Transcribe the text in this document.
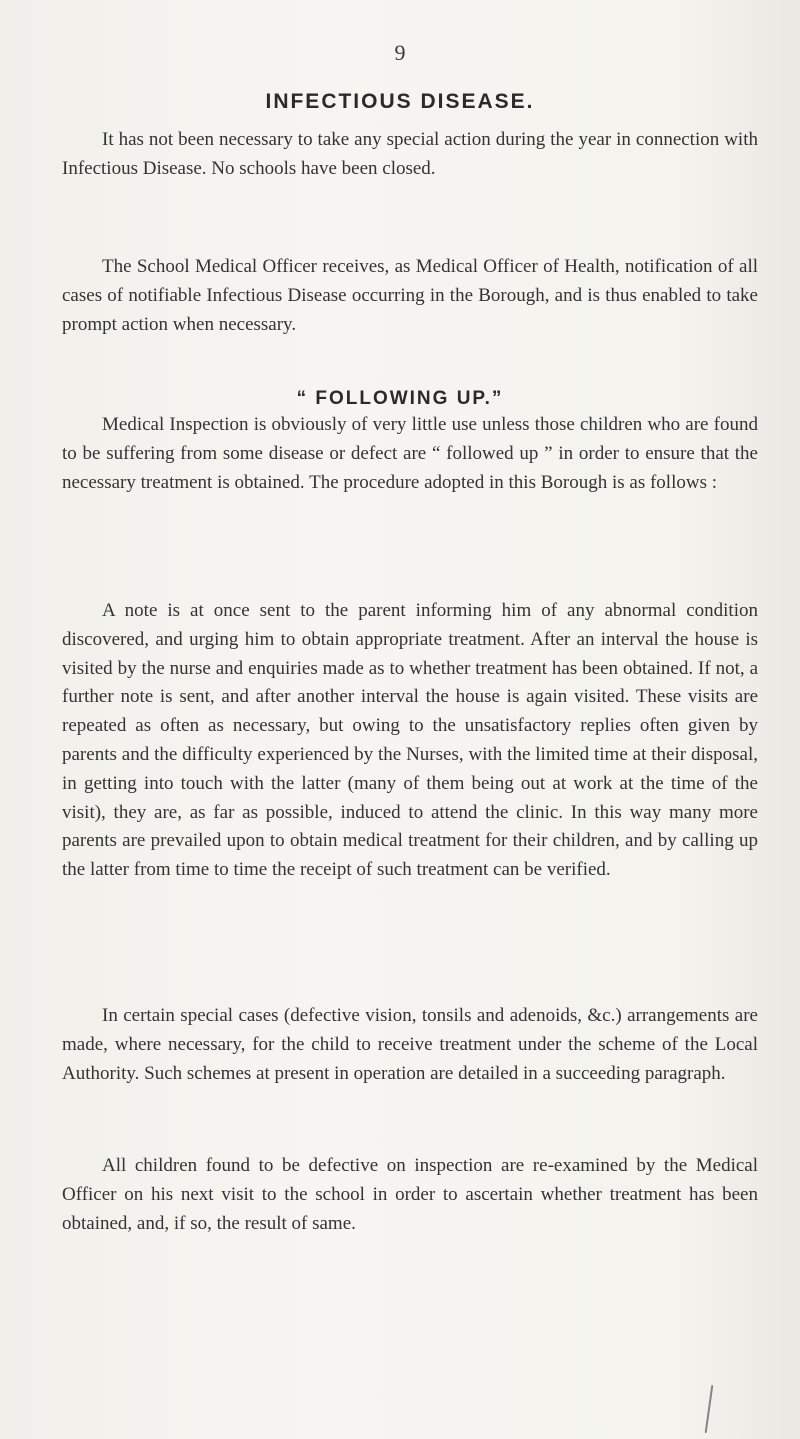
9
INFECTIOUS DISEASE.

It has not been necessary to take any special action during the year in connection with Infectious Disease. No schools have been closed.

The School Medical Officer receives, as Medical Officer of Health, notification of all cases of notifiable Infectious Disease occurring in the Borough, and is thus enabled to take prompt action when necessary.

“ FOLLOWING UP.”

Medical Inspection is obviously of very little use unless those children who are found to be suffering from some disease or defect are “ followed up ” in order to ensure that the necessary treatment is obtained. The procedure adopted in this Borough is as follows :

A note is at once sent to the parent informing him of any abnormal condition discovered, and urging him to obtain appropriate treatment. After an interval the house is visited by the nurse and enquiries made as to whether treatment has been obtained. If not, a further note is sent, and after another interval the house is again visited. These visits are repeated as often as necessary, but owing to the unsatisfactory replies often given by parents and the difficulty experienced by the Nurses, with the limited time at their disposal, in getting into touch with the latter (many of them being out at work at the time of the visit), they are, as far as possible, induced to attend the clinic. In this way many more parents are prevailed upon to obtain medical treatment for their children, and by calling up the latter from time to time the receipt of such treatment can be verified.

In certain special cases (defective vision, tonsils and adenoids, &c.) arrangements are made, where necessary, for the child to receive treatment under the scheme of the Local Authority. Such schemes at present in operation are detailed in a succeeding paragraph.

All children found to be defective on inspection are re-examined by the Medical Officer on his next visit to the school in order to ascertain whether treatment has been obtained, and, if so, the result of same.
